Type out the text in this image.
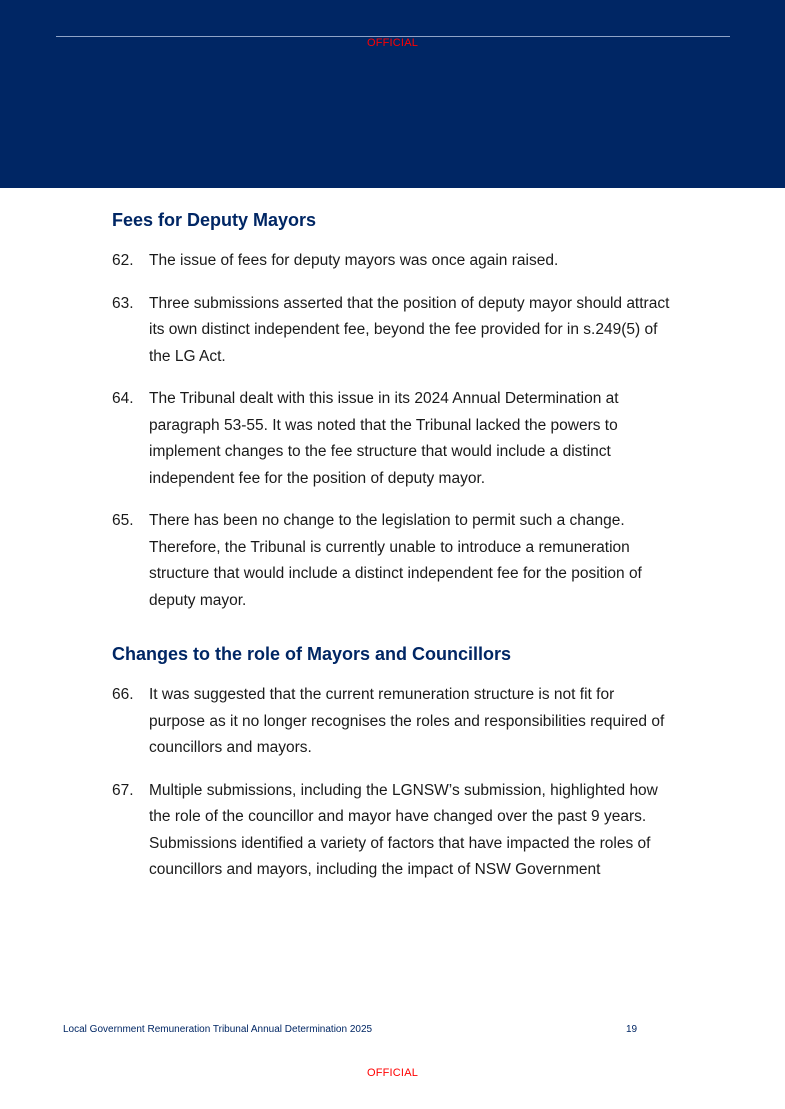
OFFICIAL
Fees for Deputy Mayors

62. The issue of fees for deputy mayors was once again raised.

63. Three submissions asserted that the position of deputy mayor should attract its own distinct independent fee, beyond the fee provided for in s.249(5) of the LG Act.

64. The Tribunal dealt with this issue in its 2024 Annual Determination at paragraph 53-55. It was noted that the Tribunal lacked the powers to implement changes to the fee structure that would include a distinct independent fee for the position of deputy mayor.

65. There has been no change to the legislation to permit such a change. Therefore, the Tribunal is currently unable to introduce a remuneration structure that would include a distinct independent fee for the position of deputy mayor.

Changes to the role of Mayors and Councillors

66. It was suggested that the current remuneration structure is not fit for purpose as it no longer recognises the roles and responsibilities required of councillors and mayors.

67. Multiple submissions, including the LGNSW’s submission, highlighted how the role of the councillor and mayor have changed over the past 9 years. Submissions identified a variety of factors that have impacted the roles of councillors and mayors, including the impact of NSW Government

Local Government Remuneration Tribunal Annual Determination 2025	19
OFFICIAL
